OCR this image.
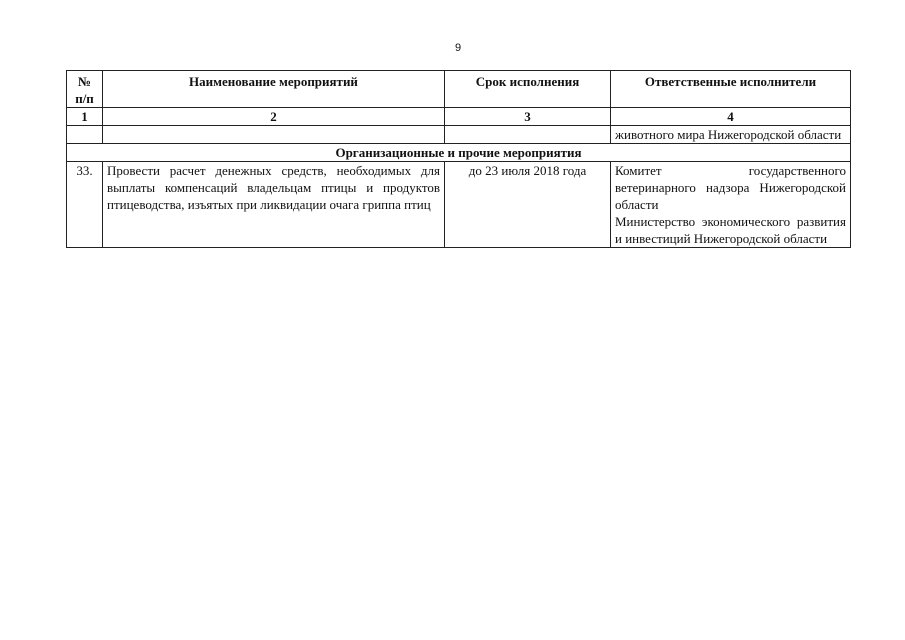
9
№ п/п	Наименование мероприятий	Срок исполнения	Ответственные исполнители
1	2	3	4
			животного мира Нижегородской области
Организационные и прочие мероприятия			
33.	Провести расчет денежных средств, необходимых для выплаты компенсаций владельцам птицы и продуктов птицеводства, изъятых при ликвидации очага гриппа птиц	до 23 июля 2018 года	Комитет государственного ветеринарного надзора Нижегородской области
Министерство экономического развития и инвестиций Нижегородской области
